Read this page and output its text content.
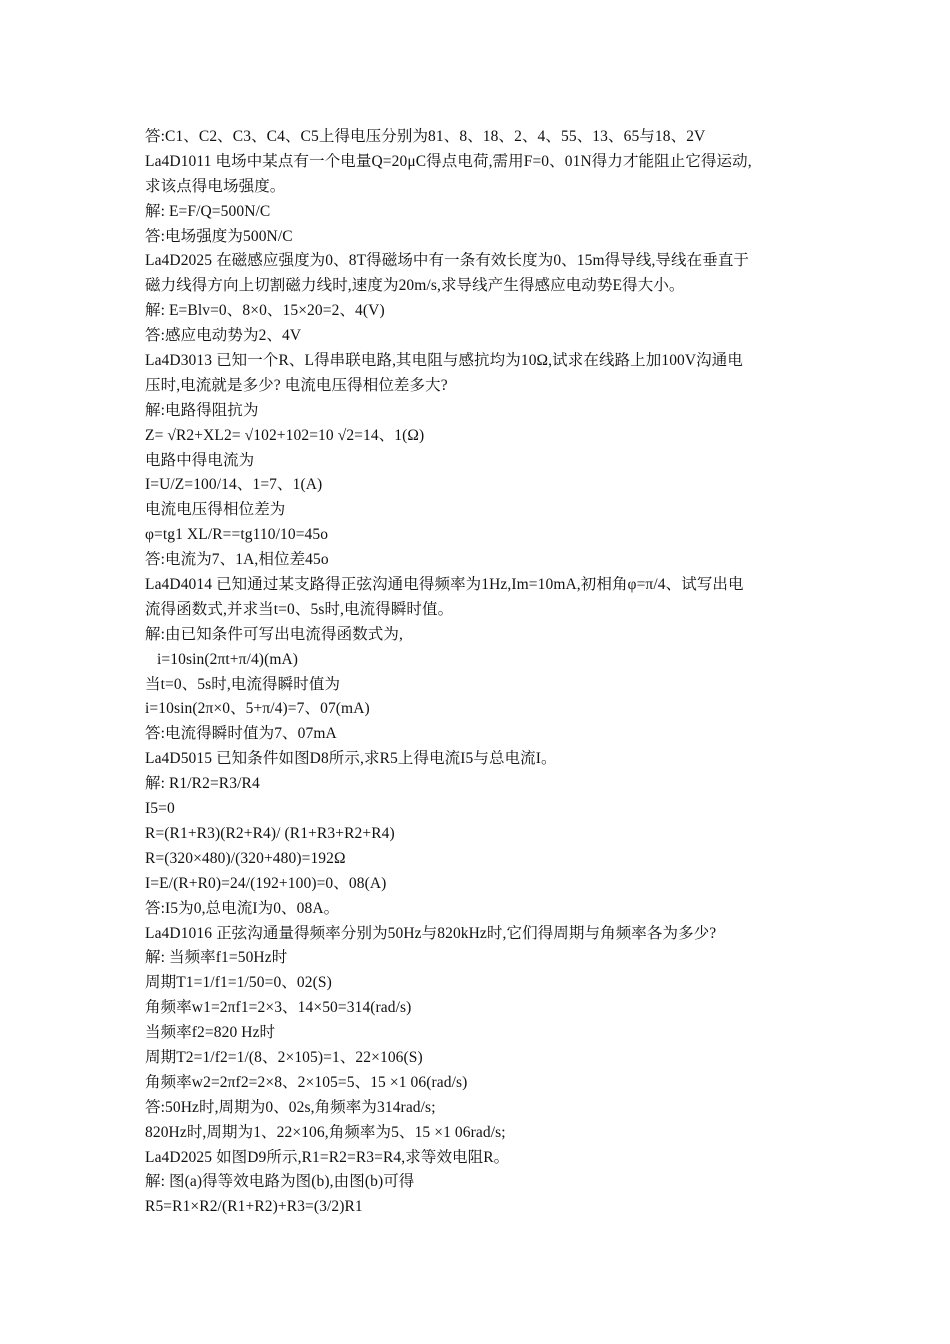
答:C1、C2、C3、C4、C5上得电压分别为81、8、18、2、4、55、13、65与18、2V
La4D1011 电场中某点有一个电量Q=20μC得点电荷,需用F=0、01N得力才能阻止它得运动,
求该点得电场强度。
解: E=F/Q=500N/C
答:电场强度为500N/C
La4D2025 在磁感应强度为0、8T得磁场中有一条有效长度为0、15m得导线,导线在垂直于
磁力线得方向上切割磁力线时,速度为20m/s,求导线产生得感应电动势E得大小。
解: E=Blv=0、8×0、15×20=2、4(V)
答:感应电动势为2、4V
La4D3013 已知一个R、L得串联电路,其电阻与感抗均为10Ω,试求在线路上加100V沟通电
压时,电流就是多少? 电流电压得相位差多大?
解:电路得阻抗为
Z= √R2+XL2= √102+102=10 √2=14、1(Ω)
电路中得电流为
I=U/Z=100/14、1=7、1(A)
电流电压得相位差为
φ=tg1 XL/R==tg110/10=45o
答:电流为7、1A,相位差45o
La4D4014 已知通过某支路得正弦沟通电得频率为1Hz,Im=10mA,初相角φ=π/4、试写出电
流得函数式,并求当t=0、5s时,电流得瞬时值。
解:由已知条件可写出电流得函数式为,
i=10sin(2πt+π/4)(mA)
当t=0、5s时,电流得瞬时值为
i=10sin(2π×0、5+π/4)=7、07(mA)
答:电流得瞬时值为7、07mA
La4D5015 已知条件如图D8所示,求R5上得电流I5与总电流I。
解: R1/R2=R3/R4
I5=0
R=(R1+R3)(R2+R4)/ (R1+R3+R2+R4)
R=(320×480)/(320+480)=192Ω
I=E/(R+R0)=24/(192+100)=0、08(A)
答:I5为0,总电流I为0、08A。
La4D1016 正弦沟通量得频率分别为50Hz与820kHz时,它们得周期与角频率各为多少?
解: 当频率f1=50Hz时
周期T1=1/f1=1/50=0、02(S)
角频率w1=2πf1=2×3、14×50=314(rad/s)
当频率f2=820 Hz时
周期T2=1/f2=1/(8、2×105)=1、22×106(S)
角频率w2=2πf2=2×8、2×105=5、15 ×1 06(rad/s)
答:50Hz时,周期为0、02s,角频率为314rad/s;
820Hz时,周期为1、22×106,角频率为5、15 ×1 06rad/s;
La4D2025 如图D9所示,R1=R2=R3=R4,求等效电阻R。
解: 图(a)得等效电路为图(b),由图(b)可得
R5=R1×R2/(R1+R2)+R3=(3/2)R1
